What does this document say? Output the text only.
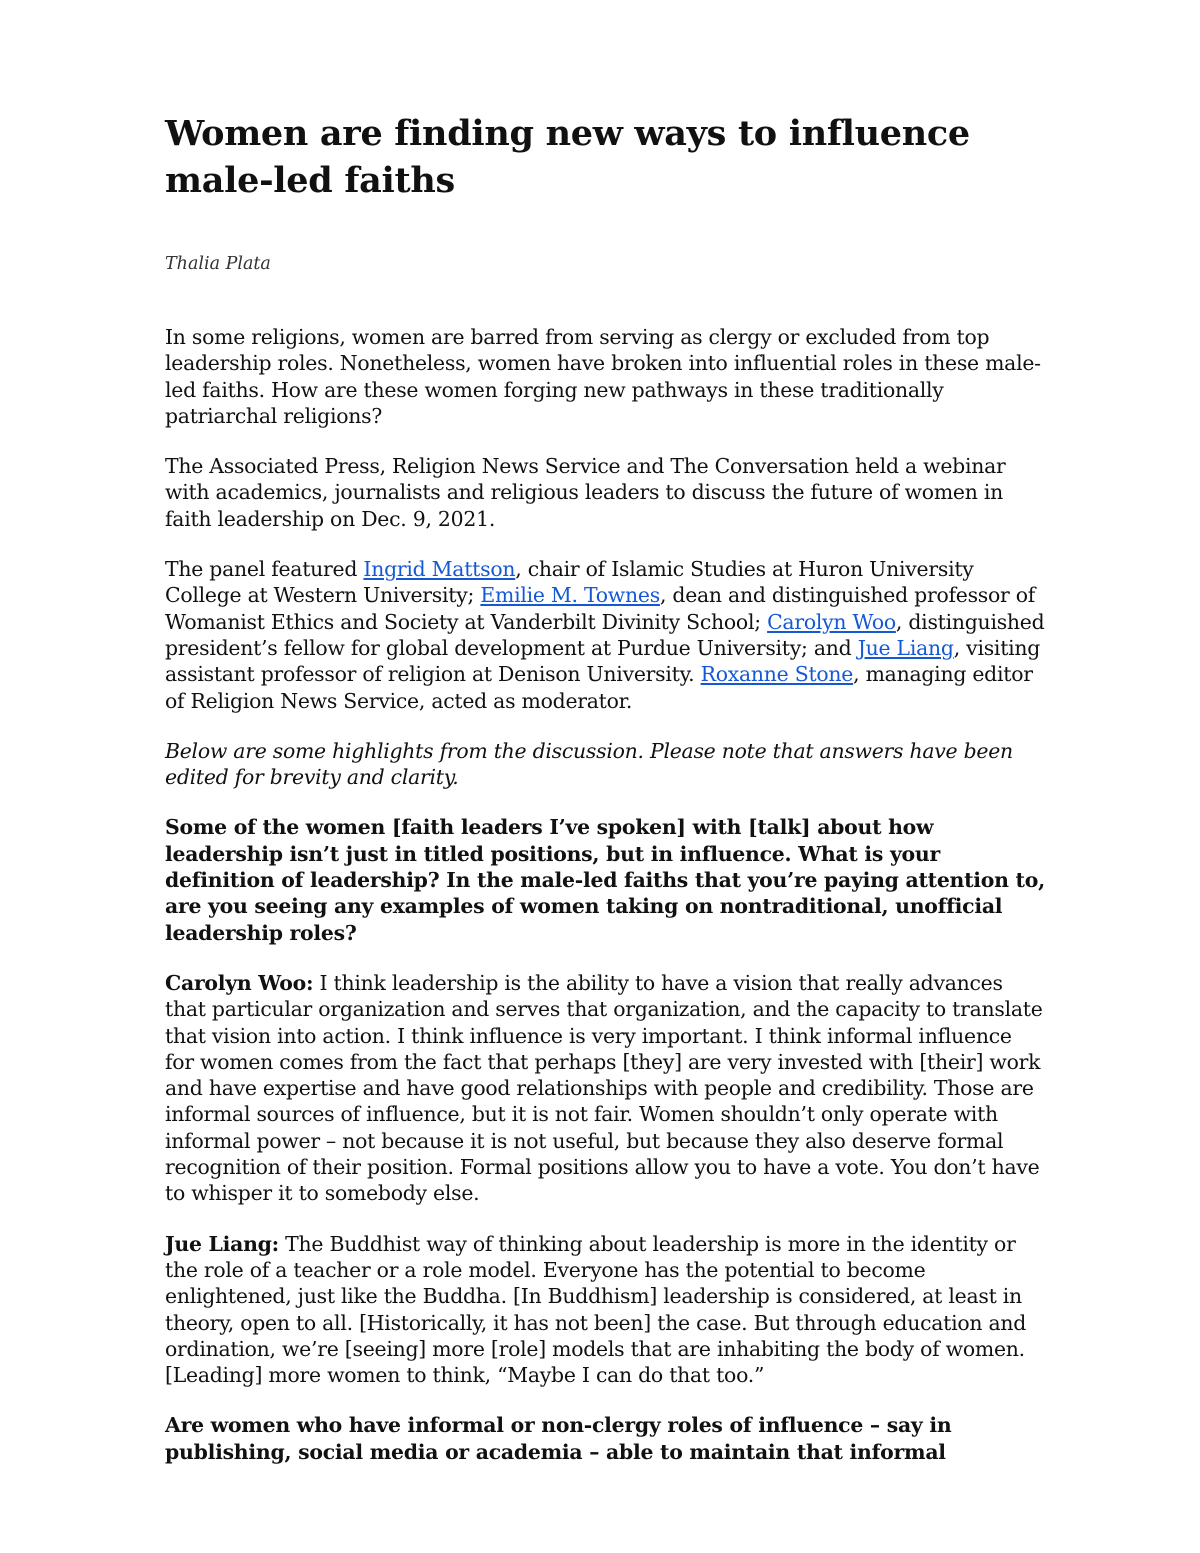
Women are finding new ways to influence male-led faiths
Thalia Plata

In some religions, women are barred from serving as clergy or excluded from top leadership roles. Nonetheless, women have broken into influential roles in these male-led faiths. How are these women forging new pathways in these traditionally patriarchal religions?

The Associated Press, Religion News Service and The Conversation held a webinar with academics, journalists and religious leaders to discuss the future of women in faith leadership on Dec. 9, 2021.

The panel featured Ingrid Mattson, chair of Islamic Studies at Huron University College at Western University; Emilie M. Townes, dean and distinguished professor of Womanist Ethics and Society at Vanderbilt Divinity School; Carolyn Woo, distinguished president’s fellow for global development at Purdue University; and Jue Liang, visiting assistant professor of religion at Denison University. Roxanne Stone, managing editor of Religion News Service, acted as moderator.

Below are some highlights from the discussion. Please note that answers have been edited for brevity and clarity.

Some of the women [faith leaders I’ve spoken] with [talk] about how leadership isn’t just in titled positions, but in influence. What is your definition of leadership? In the male-led faiths that you’re paying attention to, are you seeing any examples of women taking on nontraditional, unofficial leadership roles?

Carolyn Woo: I think leadership is the ability to have a vision that really advances that particular organization and serves that organization, and the capacity to translate that vision into action. I think influence is very important. I think informal influence for women comes from the fact that perhaps [they] are very invested with [their] work and have expertise and have good relationships with people and credibility. Those are informal sources of influence, but it is not fair. Women shouldn’t only operate with informal power – not because it is not useful, but because they also deserve formal recognition of their position. Formal positions allow you to have a vote. You don’t have to whisper it to somebody else.

Jue Liang: The Buddhist way of thinking about leadership is more in the identity or the role of a teacher or a role model. Everyone has the potential to become enlightened, just like the Buddha. [In Buddhism] leadership is considered, at least in theory, open to all. [Historically, it has not been] the case. But through education and ordination, we’re [seeing] more [role] models that are inhabiting the body of women. [Leading] more women to think, “Maybe I can do that too.”

Are women who have informal or non-clergy roles of influence – say in publishing, social media or academia – able to maintain that informal
